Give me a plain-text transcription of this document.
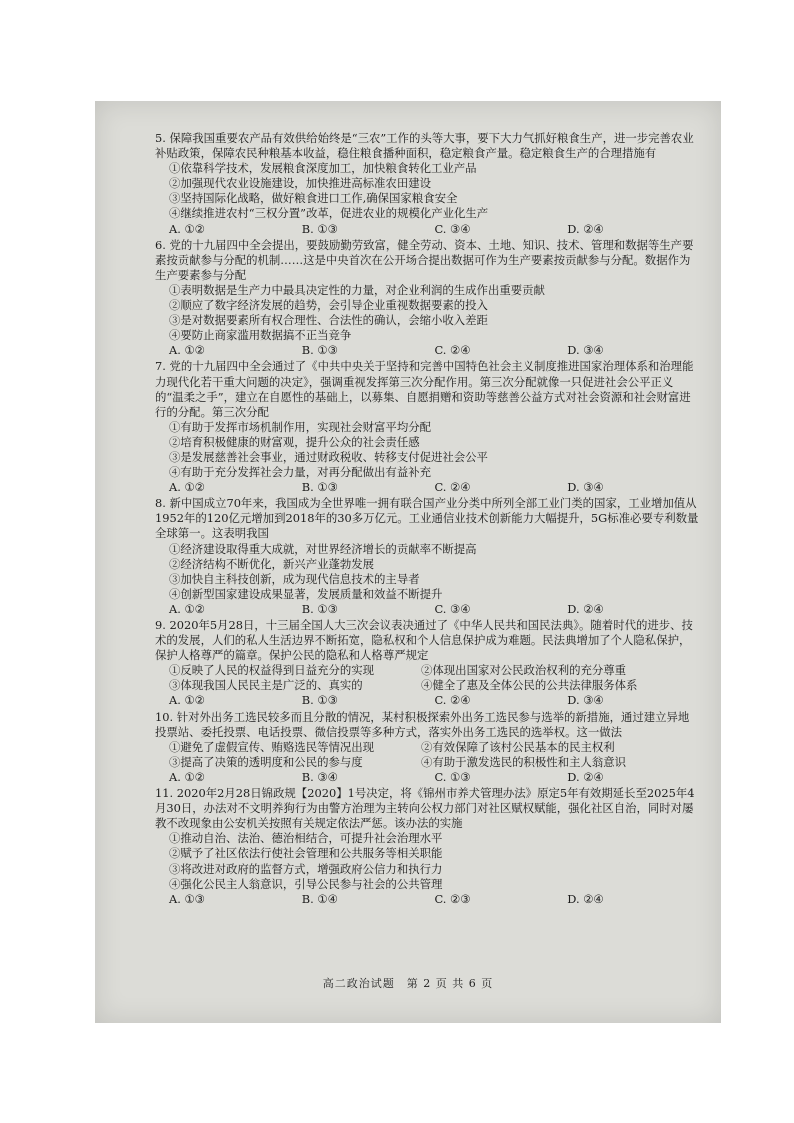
5. 保障我国重要农产品有效供给始终是“三农”工作的头等大事，要下大力气抓好粮食生产，进一步完善农业补贴政策，保障农民种粮基本收益，稳住粮食播种面积，稳定粮食产量。稳定粮食生产的合理措施有
①依靠科学技术，发展粮食深度加工，加快粮食转化工业产品
②加强现代农业设施建设，加快推进高标准农田建设
③坚持国际化战略，做好粮食进口工作,确保国家粮食安全
④继续推进农村“三权分置”改革，促进农业的规模化产业化生产
A. ①②	B. ①③	C. ③④	D. ②④
6. 党的十九届四中全会提出，要鼓励勤劳致富，健全劳动、资本、土地、知识、技术、管理和数据等生产要素按贡献参与分配的机制……这是中央首次在公开场合提出数据可作为生产要素按贡献参与分配。数据作为生产要素参与分配
①表明数据是生产力中最具决定性的力量，对企业利润的生成作出重要贡献
②顺应了数字经济发展的趋势，会引导企业重视数据要素的投入
③是对数据要素所有权合理性、合法性的确认，会缩小收入差距
④要防止商家滥用数据搞不正当竞争
A. ①②	B. ①③	C. ②④	D. ③④
7. 党的十九届四中全会通过了《中共中央关于坚持和完善中国特色社会主义制度推进国家治理体系和治理能力现代化若干重大问题的决定》，强调重视发挥第三次分配作用。第三次分配就像一只促进社会公平正义的“温柔之手”，建立在自愿性的基础上，以募集、自愿捐赠和资助等慈善公益方式对社会资源和社会财富进行的分配。第三次分配
①有助于发挥市场机制作用，实现社会财富平均分配
②培育积极健康的财富观，提升公众的社会责任感
③是发展慈善社会事业，通过财政税收、转移支付促进社会公平
④有助于充分发挥社会力量，对再分配做出有益补充
A. ①②	B. ①③	C. ②④	D. ③④
8. 新中国成立70年来，我国成为全世界唯一拥有联合国产业分类中所列全部工业门类的国家，工业增加值从1952年的120亿元增加到2018年的30多万亿元。工业通信业技术创新能力大幅提升，5G标准必要专利数量全球第一。这表明我国
①经济建设取得重大成就，对世界经济增长的贡献率不断提高
②经济结构不断优化，新兴产业蓬勃发展
③加快自主科技创新，成为现代信息技术的主导者
④创新型国家建设成果显著，发展质量和效益不断提升
A. ①②	B. ①③	C. ③④	D. ②④
9. 2020年5月28日，十三届全国人大三次会议表决通过了《中华人民共和国民法典》。随着时代的进步、技术的发展，人们的私人生活边界不断拓宽，隐私权和个人信息保护成为难题。民法典增加了个人隐私保护，保护人格尊严的篇章。保护公民的隐私和人格尊严规定
①反映了人民的权益得到日益充分的实现	②体现出国家对公民政治权利的充分尊重
③体现我国人民民主是广泛的、真实的	④健全了惠及全体公民的公共法律服务体系
A. ①②	B. ①③	C. ②④	D. ③④
10. 针对外出务工选民较多而且分散的情况，某村积极探索外出务工选民参与选举的新措施，通过建立异地投票站、委托投票、电话投票、微信投票等多种方式，落实外出务工选民的选举权。这一做法
①避免了虚假宣传、贿赂选民等情况出现	②有效保障了该村公民基本的民主权利
③提高了决策的透明度和公民的参与度	④有助于激发选民的积极性和主人翁意识
A. ①②	B. ③④	C. ①③	D. ②④
11. 2020年2月28日锦政规【2020】1号决定，将《锦州市养犬管理办法》原定5年有效期延长至2025年4月30日，办法对不文明养狗行为由警方治理为主转向公权力部门对社区赋权赋能，强化社区自治，同时对屡教不改现象由公安机关按照有关规定依法严惩。该办法的实施
①推动自治、法治、德治相结合，可提升社会治理水平
②赋予了社区依法行使社会管理和公共服务等相关职能
③将改进对政府的监督方式，增强政府公信力和执行力
④强化公民主人翁意识，引导公民参与社会的公共管理
A. ①③	B. ①④	C. ②③	D. ②④
高二政治试题　第 2 页 共 6 页
